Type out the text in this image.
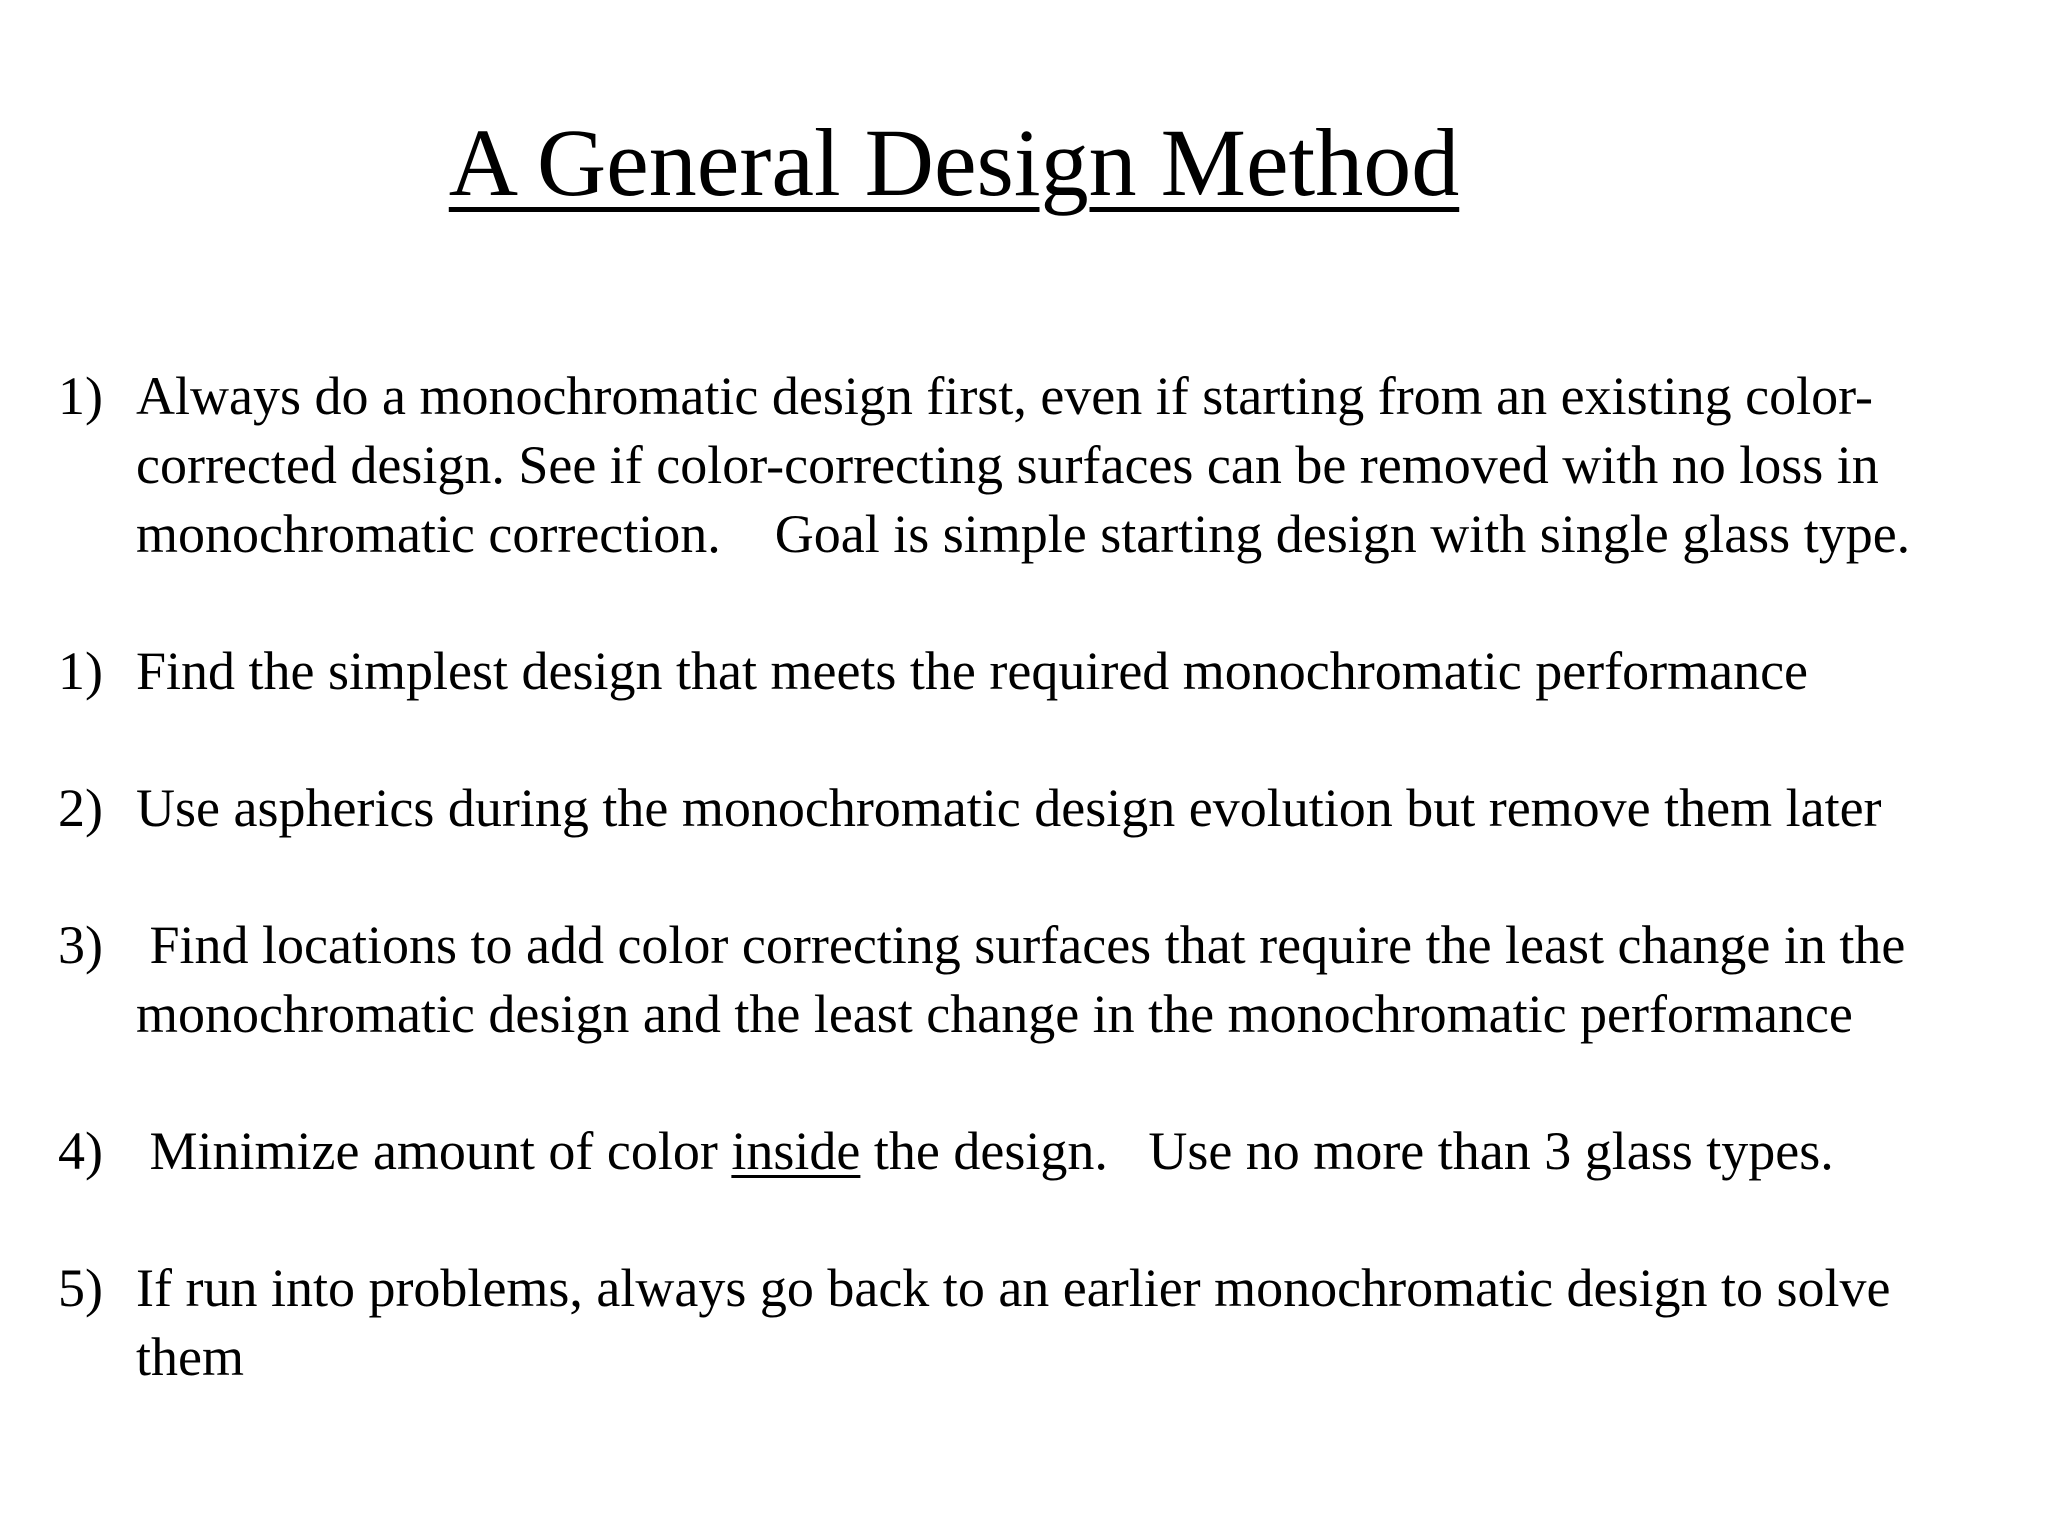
A General Design Method
1) Always do a monochromatic design first, even if starting from an existing color-
corrected design. See if color-correcting surfaces can be removed with no loss in
monochromatic correction.    Goal is simple starting design with single glass type.
1) Find the simplest design that meets the required monochromatic performance
2) Use aspherics during the monochromatic design evolution but remove them later
3) Find locations to add color correcting surfaces that require the least change in the
monochromatic design and the least change in the monochromatic performance
4) Minimize amount of color inside the design.   Use no more than 3 glass types.
5) If run into problems, always go back to an earlier monochromatic design to solve
them
